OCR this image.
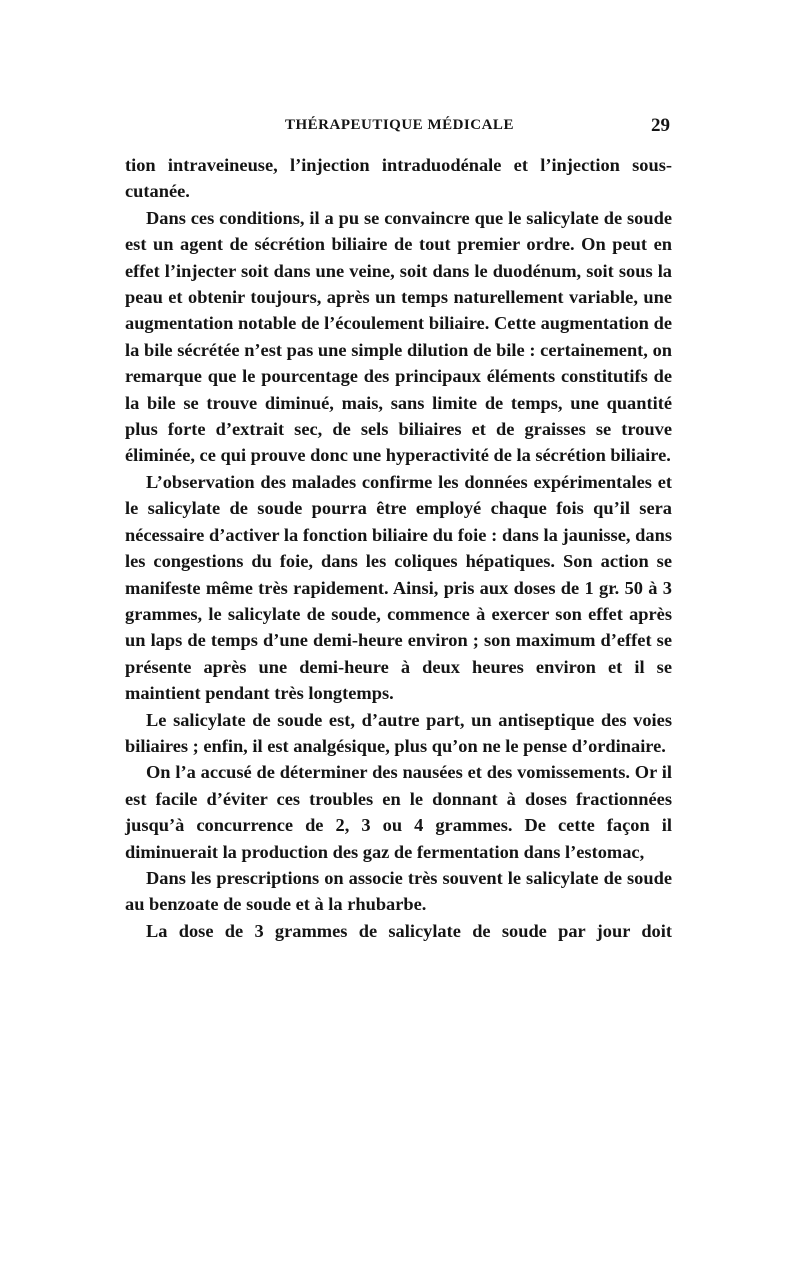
THÉRAPEUTIQUE MÉDICALE	29

tion intraveineuse, l’injection intraduodénale et l’injection sous-cutanée.

Dans ces conditions, il a pu se convaincre que le salicylate de soude est un agent de sécrétion biliaire de tout premier ordre. On peut en effet l’injecter soit dans une veine, soit dans le duodénum, soit sous la peau et obtenir toujours, après un temps naturellement variable, une augmentation notable de l’écoulement biliaire. Cette augmentation de la bile sécrétée n’est pas une simple dilution de bile : certainement, on remarque que le pourcentage des principaux éléments constitutifs de la bile se trouve diminué, mais, sans limite de temps, une quantité plus forte d’extrait sec, de sels biliaires et de graisses se trouve éliminée, ce qui prouve donc une hyperactivité de la sécrétion biliaire.

L’observation des malades confirme les données expérimentales et le salicylate de soude pourra être employé chaque fois qu’il sera nécessaire d’activer la fonction biliaire du foie : dans la jaunisse, dans les congestions du foie, dans les coliques hépatiques. Son action se manifeste même très rapidement. Ainsi, pris aux doses de 1 gr. 50 à 3 grammes, le salicylate de soude, commence à exercer son effet après un laps de temps d’une demi-heure environ ; son maximum d’effet se présente après une demi-heure à deux heures environ et il se maintient pendant très longtemps.

Le salicylate de soude est, d’autre part, un antiseptique des voies biliaires ; enfin, il est analgésique, plus qu’on ne le pense d’ordinaire.

On l’a accusé de déterminer des nausées et des vomissements. Or il est facile d’éviter ces troubles en le donnant à doses fractionnées jusqu’à concurrence de 2, 3 ou 4 grammes. De cette façon il diminuerait la production des gaz de fermentation dans l’estomac,

Dans les prescriptions on associe très souvent le salicylate de soude au benzoate de soude et à la rhubarbe.

La dose de 3 grammes de salicylate de soude par jour doit
